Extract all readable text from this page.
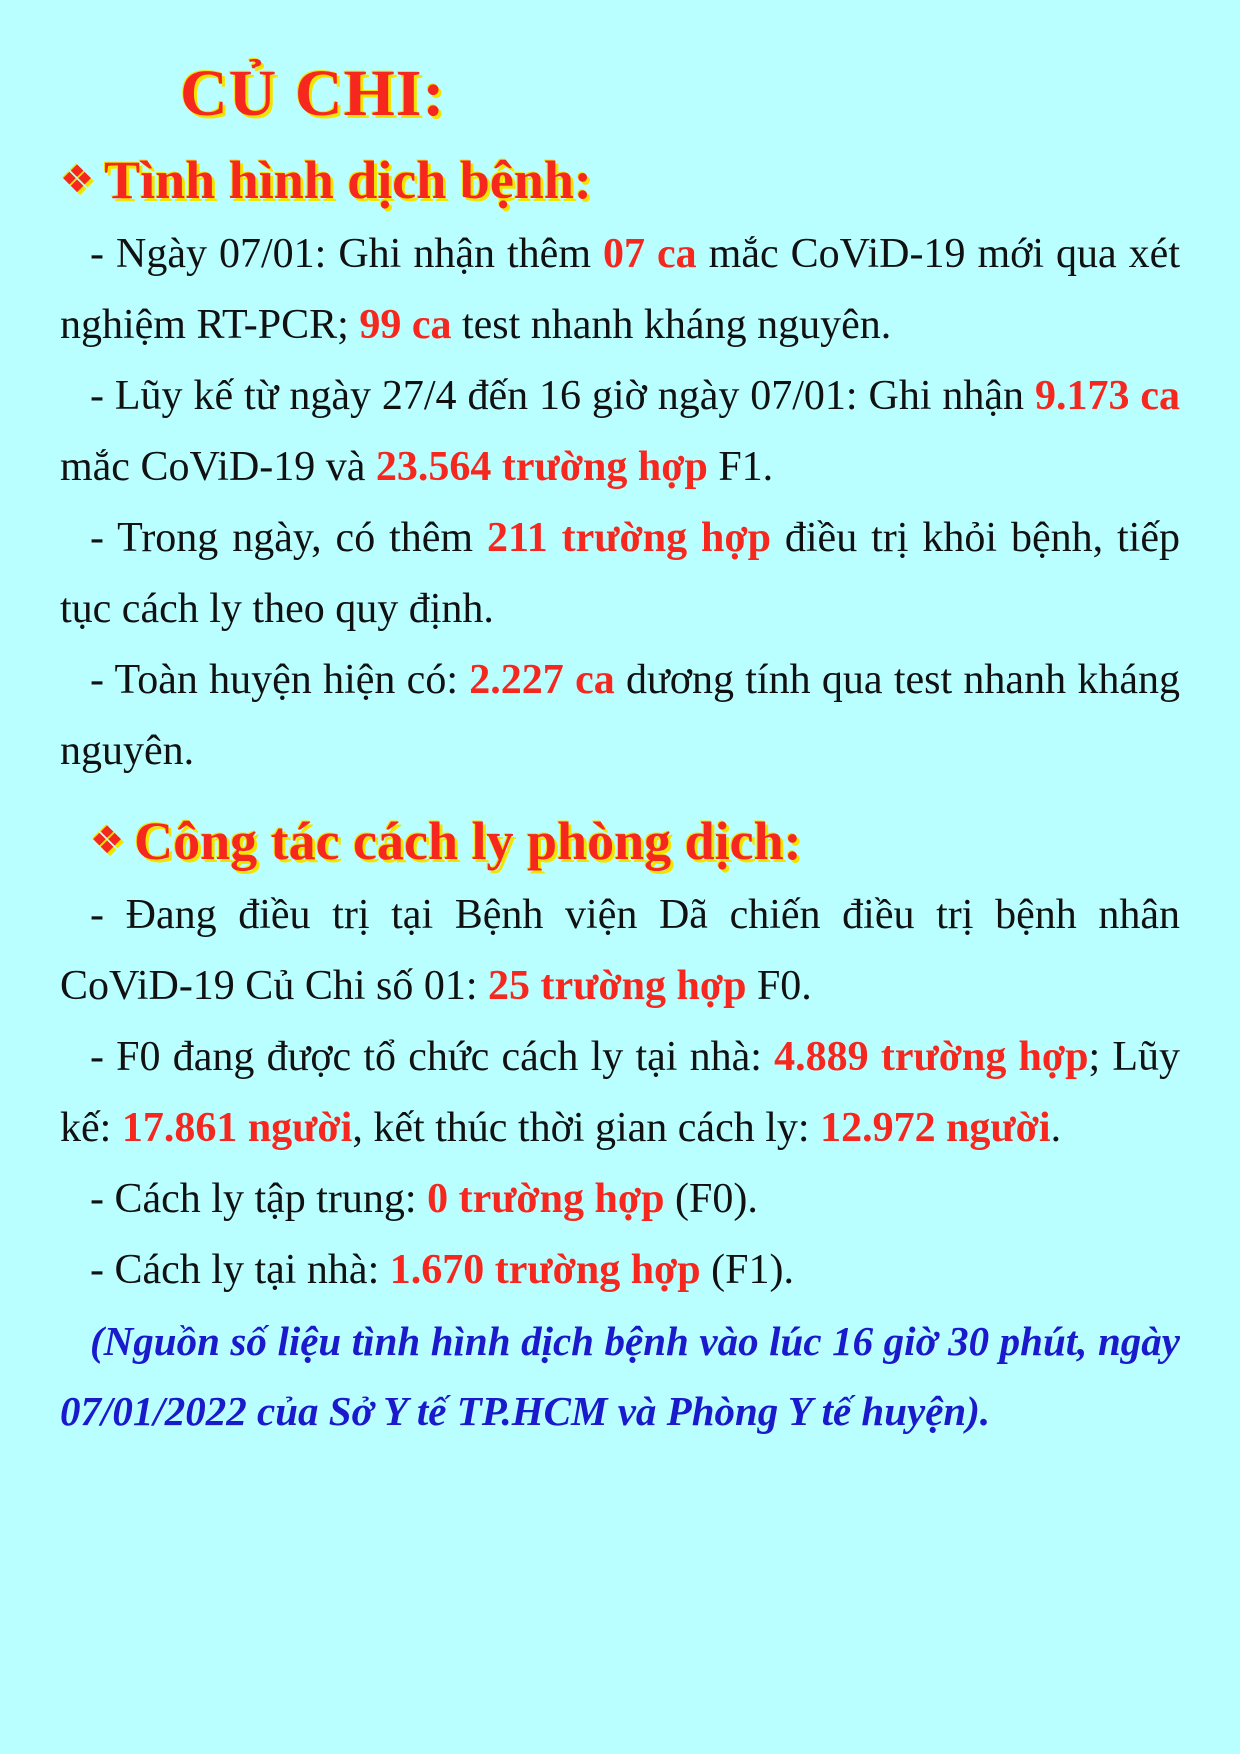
CỦ CHI:
❖ Tình hình dịch bệnh:

- Ngày 07/01: Ghi nhận thêm 07 ca mắc CoViD-19 mới qua xét nghiệm RT-PCR; 99 ca test nhanh kháng nguyên.

- Lũy kế từ ngày 27/4 đến 16 giờ ngày 07/01: Ghi nhận 9.173 ca mắc CoViD-19 và 23.564 trường hợp F1.

- Trong ngày, có thêm 211 trường hợp điều trị khỏi bệnh, tiếp tục cách ly theo quy định.

- Toàn huyện hiện có: 2.227 ca dương tính qua test nhanh kháng nguyên.

❖ Công tác cách ly phòng dịch:

- Đang điều trị tại Bệnh viện Dã chiến điều trị bệnh nhân CoViD-19 Củ Chi số 01: 25 trường hợp F0.

- F0 đang được tổ chức cách ly tại nhà: 4.889 trường hợp; Lũy kế: 17.861 người, kết thúc thời gian cách ly: 12.972 người.

- Cách ly tập trung: 0 trường hợp (F0).

- Cách ly tại nhà: 1.670 trường hợp (F1).

(Nguồn số liệu tình hình dịch bệnh vào lúc 16 giờ 30 phút, ngày 07/01/2022 của Sở Y tế TP.HCM và Phòng Y tế huyện).
